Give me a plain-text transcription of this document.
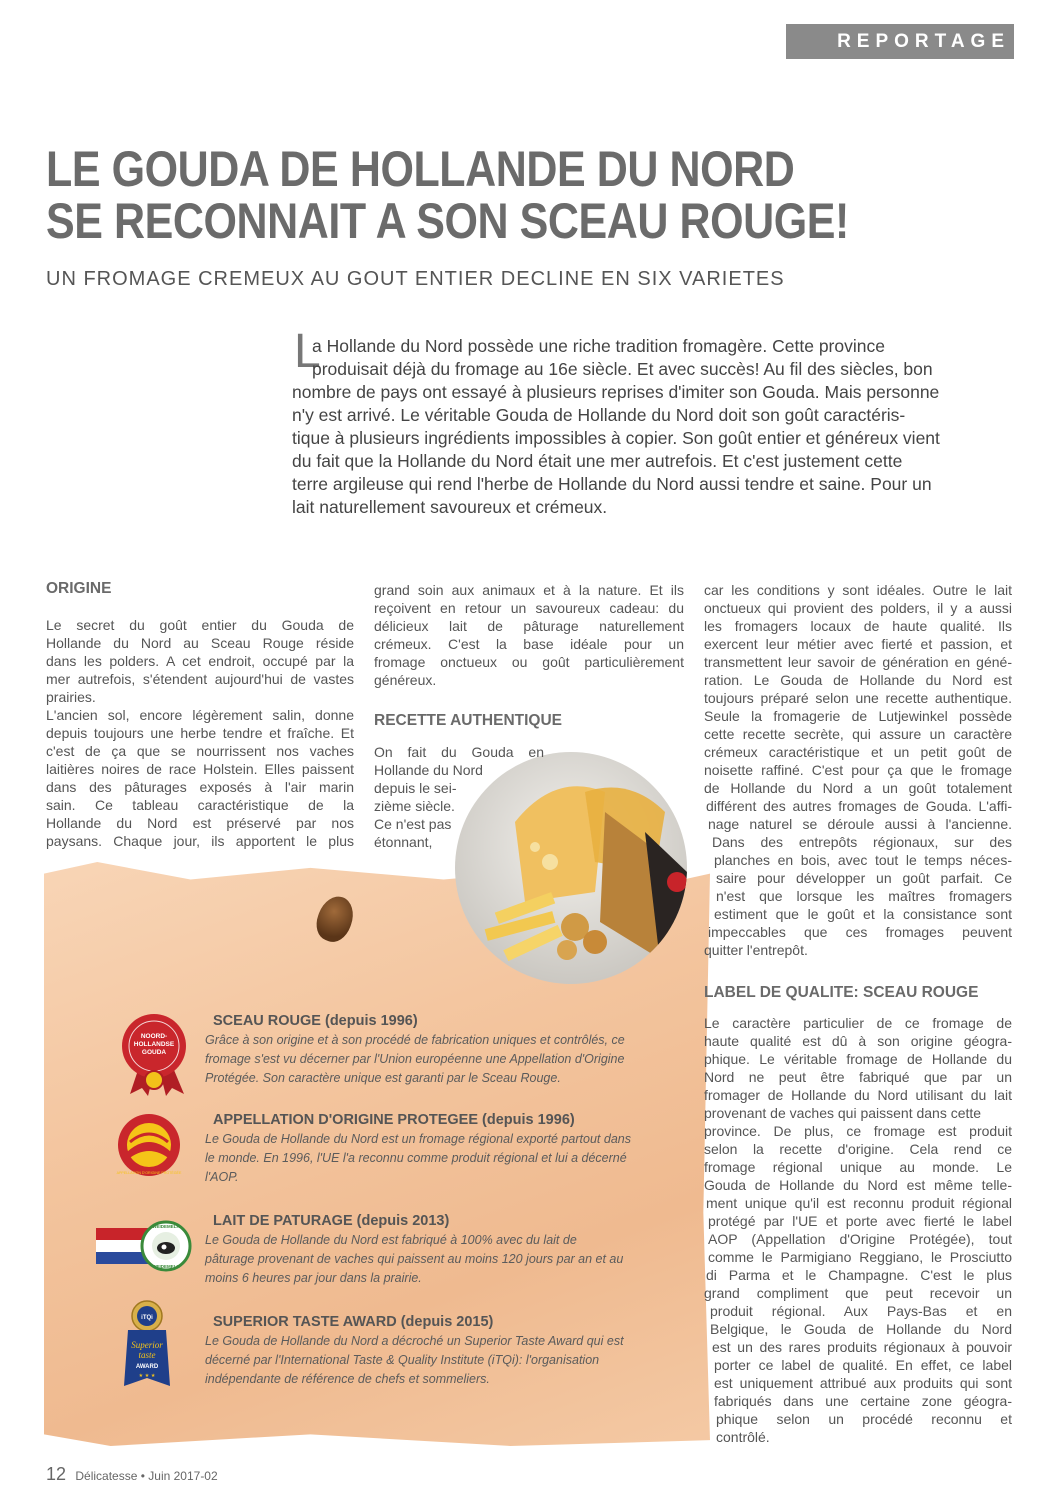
REPORTAGE
LE GOUDA DE HOLLANDE DU NORD
SE RECONNAIT A SON SCEAU ROUGE!

UN FROMAGE CREMEUX AU GOUT ENTIER DECLINE EN SIX VARIETES

L
a Hollande du Nord possède une riche tradition fromagère. Cette province
produisait déjà du fromage au 16e siècle. Et avec succès! Au fil des siècles, bon
nombre de pays ont essayé à plusieurs reprises d'imiter son Gouda. Mais personne
n'y est arrivé. Le véritable Gouda de Hollande du Nord doit son goût caractéris-
tique à plusieurs ingrédients impossibles à copier. Son goût entier et généreux vient
du fait que la Hollande du Nord était une mer autrefois. Et c'est justement cette
terre argileuse qui rend l'herbe de Hollande du Nord aussi tendre et saine. Pour un
lait naturellement savoureux et crémeux.
ORIGINE
Le secret du goût entier du Gouda de
Hollande du Nord au Sceau Rouge réside
dans les polders. A cet endroit, occupé par la
mer autrefois, s'étendent aujourd'hui de vastes
prairies.
L'ancien sol, encore légèrement salin, donne
depuis toujours une herbe tendre et fraîche. Et
c'est de ça que se nourrissent nos vaches
laitières noires de race Holstein. Elles paissent
dans des pâturages exposés à l'air marin
sain. Ce tableau caractéristique de la
Hollande du Nord est préservé par nos
paysans. Chaque jour, ils apportent le plus
grand soin aux animaux et à la nature. Et ils
reçoivent en retour un savoureux cadeau: du
délicieux lait de pâturage naturellement
crémeux. C'est la base idéale pour un
fromage onctueux ou goût particulièrement
généreux.
RECETTE AUTHENTIQUE
On fait du Gouda en
Hollande du Nord
depuis le sei-
zième siècle.
Ce n'est pas
étonnant,
car les conditions y sont idéales. Outre le lait
onctueux qui provient des polders, il y a aussi
les fromagers locaux de haute qualité. Ils
exercent leur métier avec fierté et passion, et
transmettent leur savoir de génération en géné-
ration. Le Gouda de Hollande du Nord est
toujours préparé selon une recette authentique.
Seule la fromagerie de Lutjewinkel possède
cette recette secrète, qui assure un caractère
crémeux caractéristique et un petit goût de
noisette raffiné. C'est pour ça que le fromage
de Hollande du Nord a un goût totalement
différent des autres fromages de Gouda. L'affi-
nage naturel se déroule aussi à l'ancienne.
Dans des entrepôts régionaux, sur des
planches en bois, avec tout le temps néces-
saire pour développer un goût parfait. Ce
n'est que lorsque les maîtres fromagers
estiment que le goût et la consistance sont
impeccables que ces fromages peuvent
quitter l'entrepôt.
LABEL DE QUALITE: SCEAU ROUGE
Le caractère particulier de ce fromage de
haute qualité est dû à son origine géogra-
phique. Le véritable fromage de Hollande du
Nord ne peut être fabriqué que par un
fromager de Hollande du Nord utilisant du lait
provenant de vaches qui paissent dans cette
province. De plus, ce fromage est produit
selon la recette d'origine. Cela rend ce
fromage régional unique au monde. Le
Gouda de Hollande du Nord est même telle-
ment unique qu'il est reconnu produit régional
protégé par l'UE et porte avec fierté le label
AOP (Appellation d'Origine Protégée), tout
comme le Parmigiano Reggiano, le Prosciutto
di Parma et le Champagne. C'est le plus
grand compliment que peut recevoir un
produit régional. Aux Pays-Bas et en
Belgique, le Gouda de Hollande du Nord
est un des rares produits régionaux à pouvoir
porter ce label de qualité. En effet, ce label
est uniquement attribué aux produits qui sont
fabriqués dans une certaine zone géogra-
phique selon un procédé reconnu et
contrôlé.
NOORD-
HOLLANDSE
GOUDA
APPELLATION D'ORIGINE PROTÉGÉE
WEIDEMELK
WEIDEMELK
iTQi
Superior
taste
AWARD
★ ★ ★
SCEAU ROUGE (depuis 1996)

Grâce à son origine et à son procédé de fabrication uniques et contrôlés, ce
fromage s'est vu décerner par l'Union européenne une Appellation d'Origine
Protégée. Son caractère unique est garanti par le Sceau Rouge.

APPELLATION D'ORIGINE PROTEGEE (depuis 1996)

Le Gouda de Hollande du Nord est un fromage régional exporté partout dans
le monde. En 1996, l'UE l'a reconnu comme produit régional et lui a décerné
l'AOP.

LAIT DE PATURAGE (depuis 2013)

Le Gouda de Hollande du Nord est fabriqué à 100% avec du lait de
pâturage provenant de vaches qui paissent au moins 120 jours par an et au
moins 6 heures par jour dans la prairie.

SUPERIOR TASTE AWARD (depuis 2015)

Le Gouda de Hollande du Nord a décroché un Superior Taste Award qui est
décerné par l'International Taste & Quality Institute (iTQi): l'organisation
indépendante de référence de chefs et sommeliers.

12 Délicatesse • Juin 2017-02
